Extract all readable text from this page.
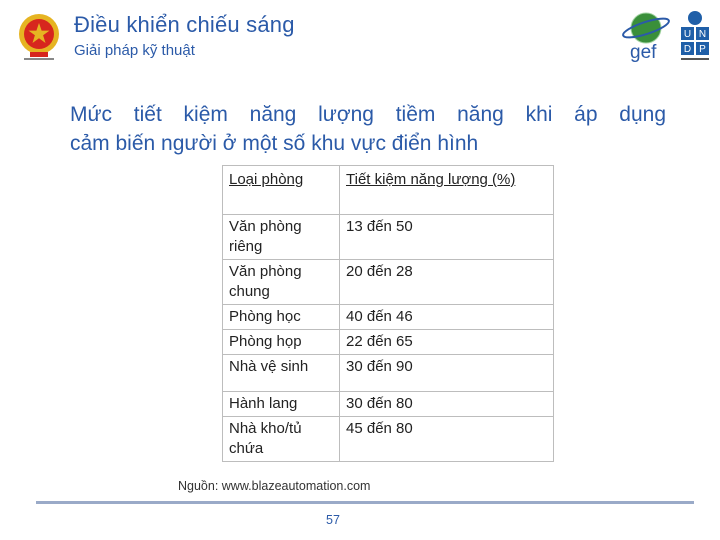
Điều khiển chiếu sáng
Giải pháp kỹ thuật	gef
U N
D P
Mức tiết kiệm năng lượng tiềm năng khi áp dụng
cảm biến người ở một số khu vực điển hình
Loại phòng	Tiết kiệm năng lượng (%)
Văn phòng riêng	13 đến 50
Văn phòng chung	20 đến 28
Phòng học	40 đến 46
Phòng họp	22 đến 65
Nhà vệ sinh	30 đến 90
Hành lang	30 đến 80
Nhà kho/tủ chứa	45 đến 80
Nguồn: www.blazeautomation.com
57
